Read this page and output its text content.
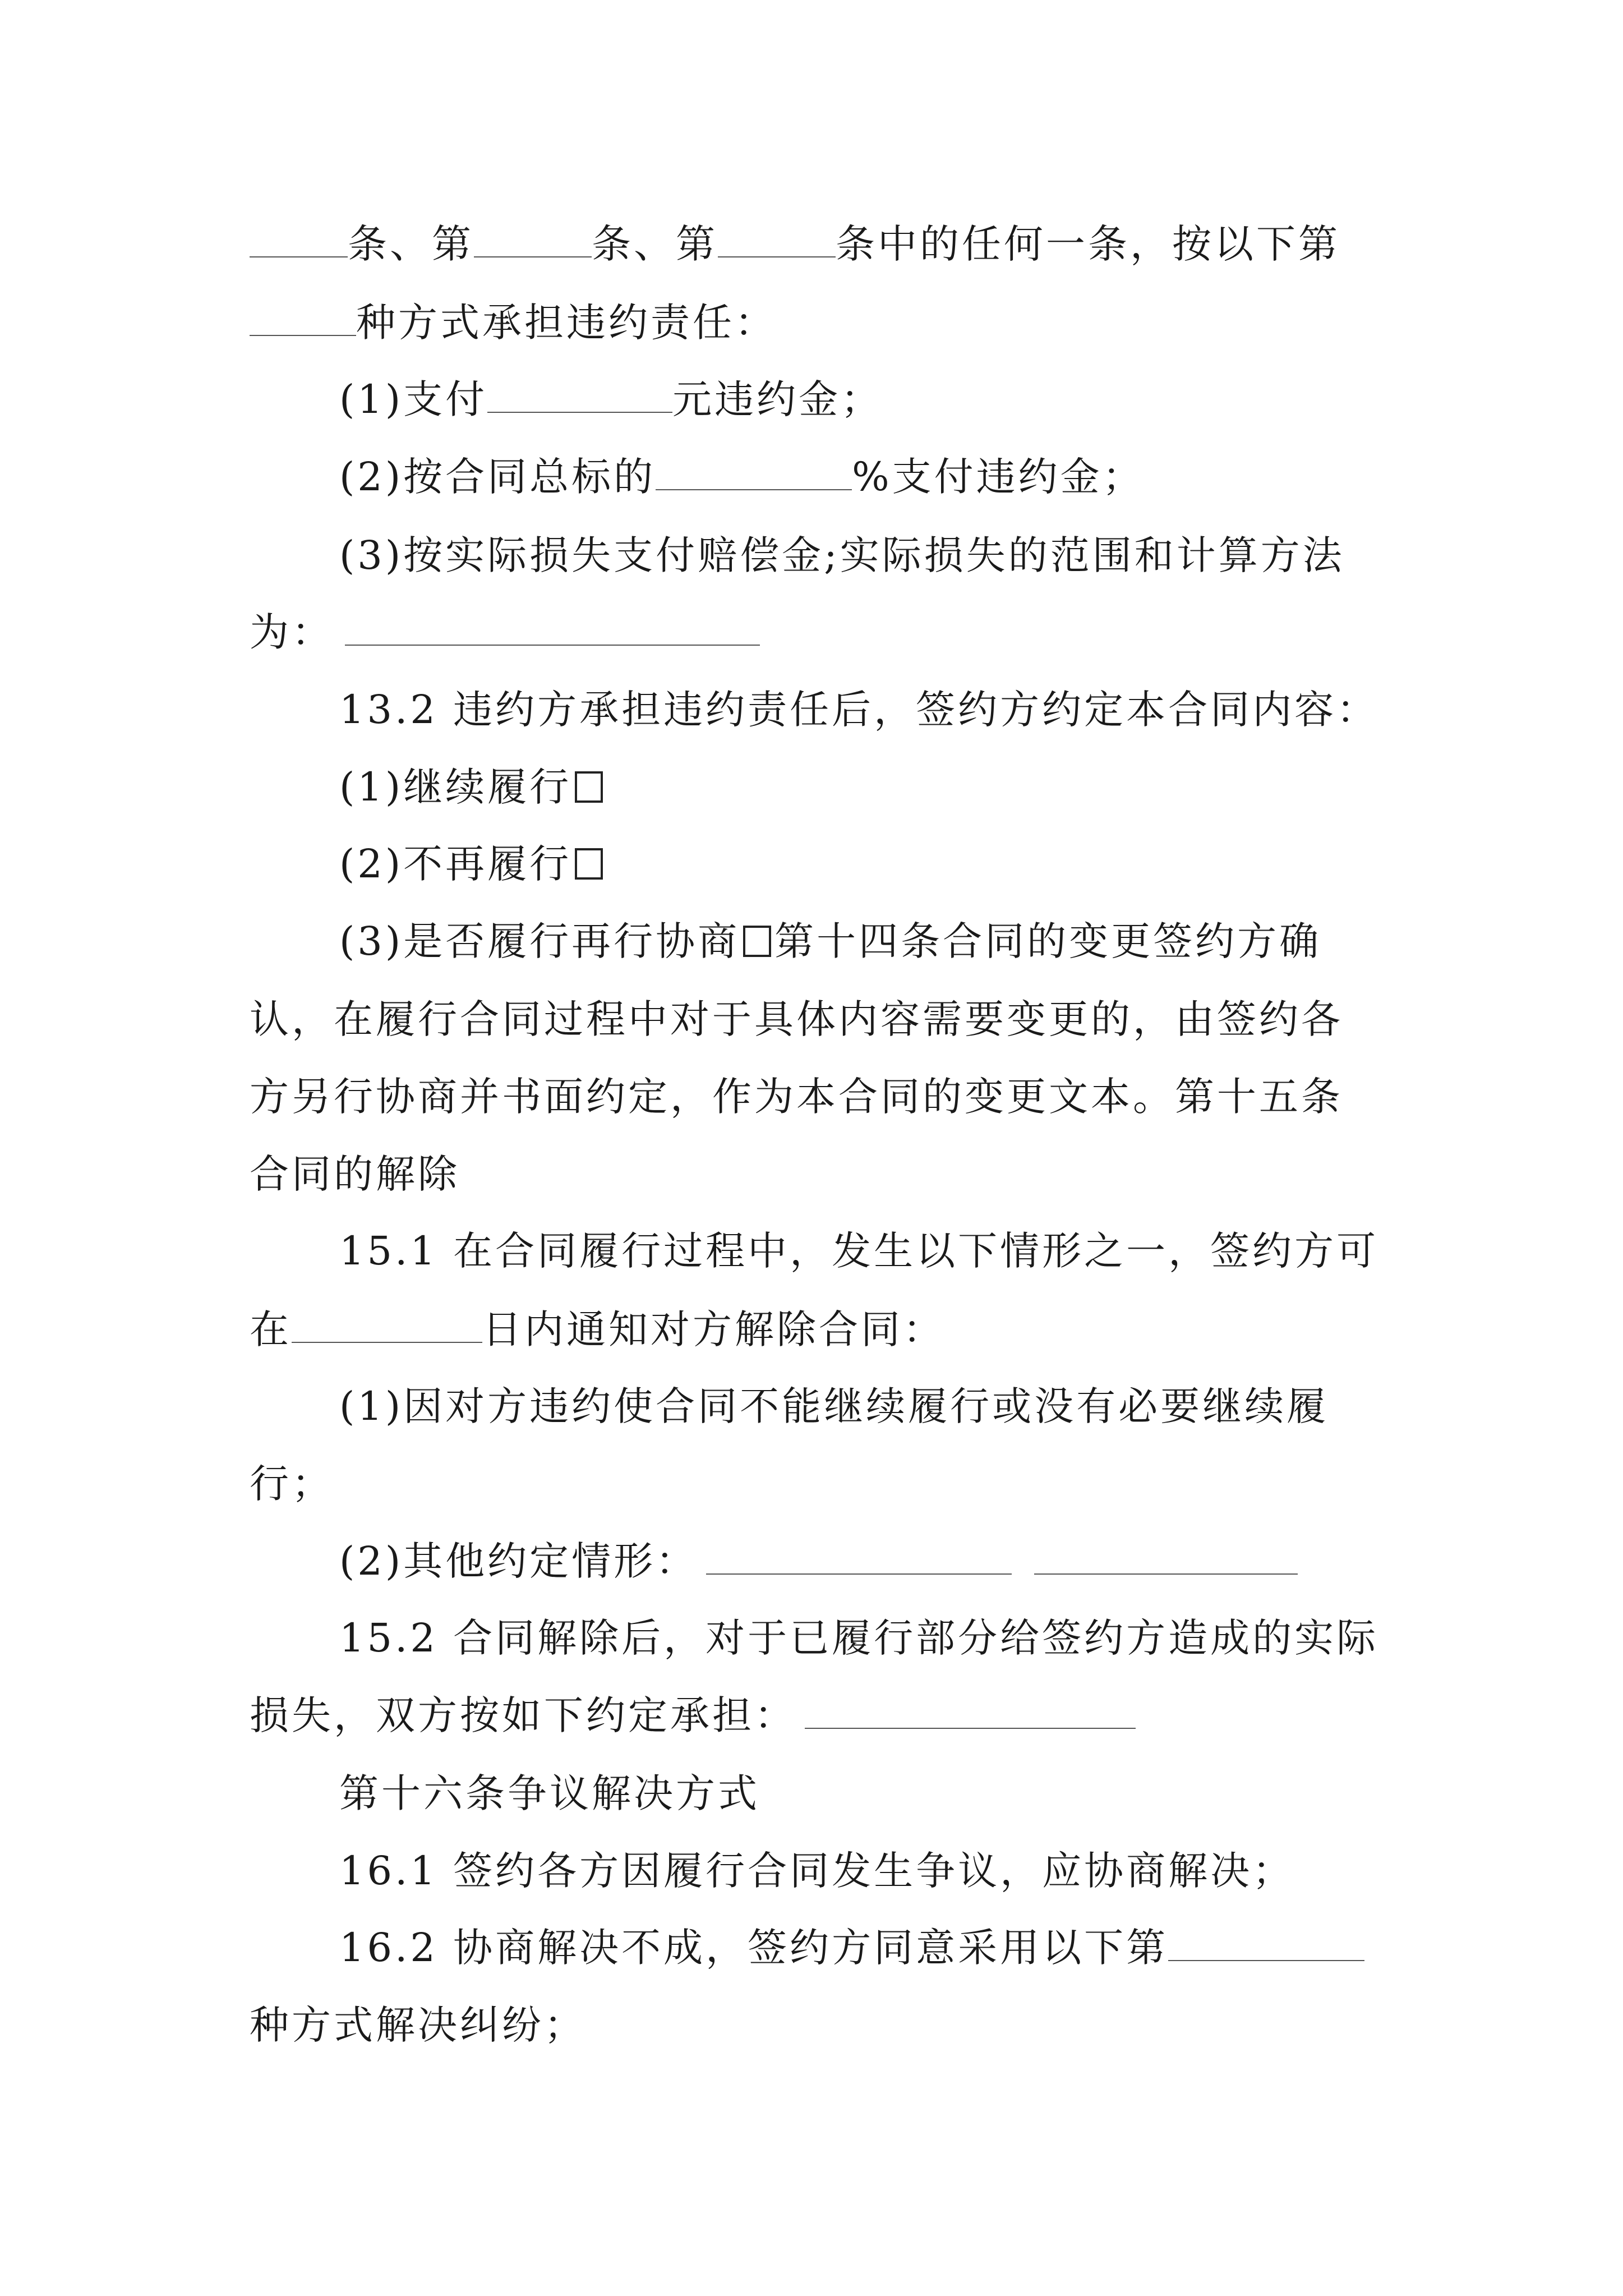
条、第	条、第	条中的任何一条，按以下第
种方式承担违约责任：
(1)支付	元违约金；
(2)按合同总标的	%支付违约金；
(3)按实际损失支付赔偿金;实际损失的范围和计算方法
为：
13.2 违约方承担违约责任后，签约方约定本合同内容：
(1)继续履行
(2)不再履行
(3)是否履行再行协商 第十四条合同的变更签约方确
认，在履行合同过程中对于具体内容需要变更的，由签约各
方另行协商并书面约定，作为本合同的变更文本。第十五条
合同的解除
15.1 在合同履行过程中，发生以下情形之一，签约方可
在	日内通知对方解除合同：
(1)因对方违约使合同不能继续履行或没有必要继续履
行；
(2)其他约定情形：
15.2 合同解除后，对于已履行部分给签约方造成的实际
损失，双方按如下约定承担：
第十六条争议解决方式
16.1 签约各方因履行合同发生争议，应协商解决；
16.2 协商解决不成，签约方同意采用以下第
种方式解决纠纷；
